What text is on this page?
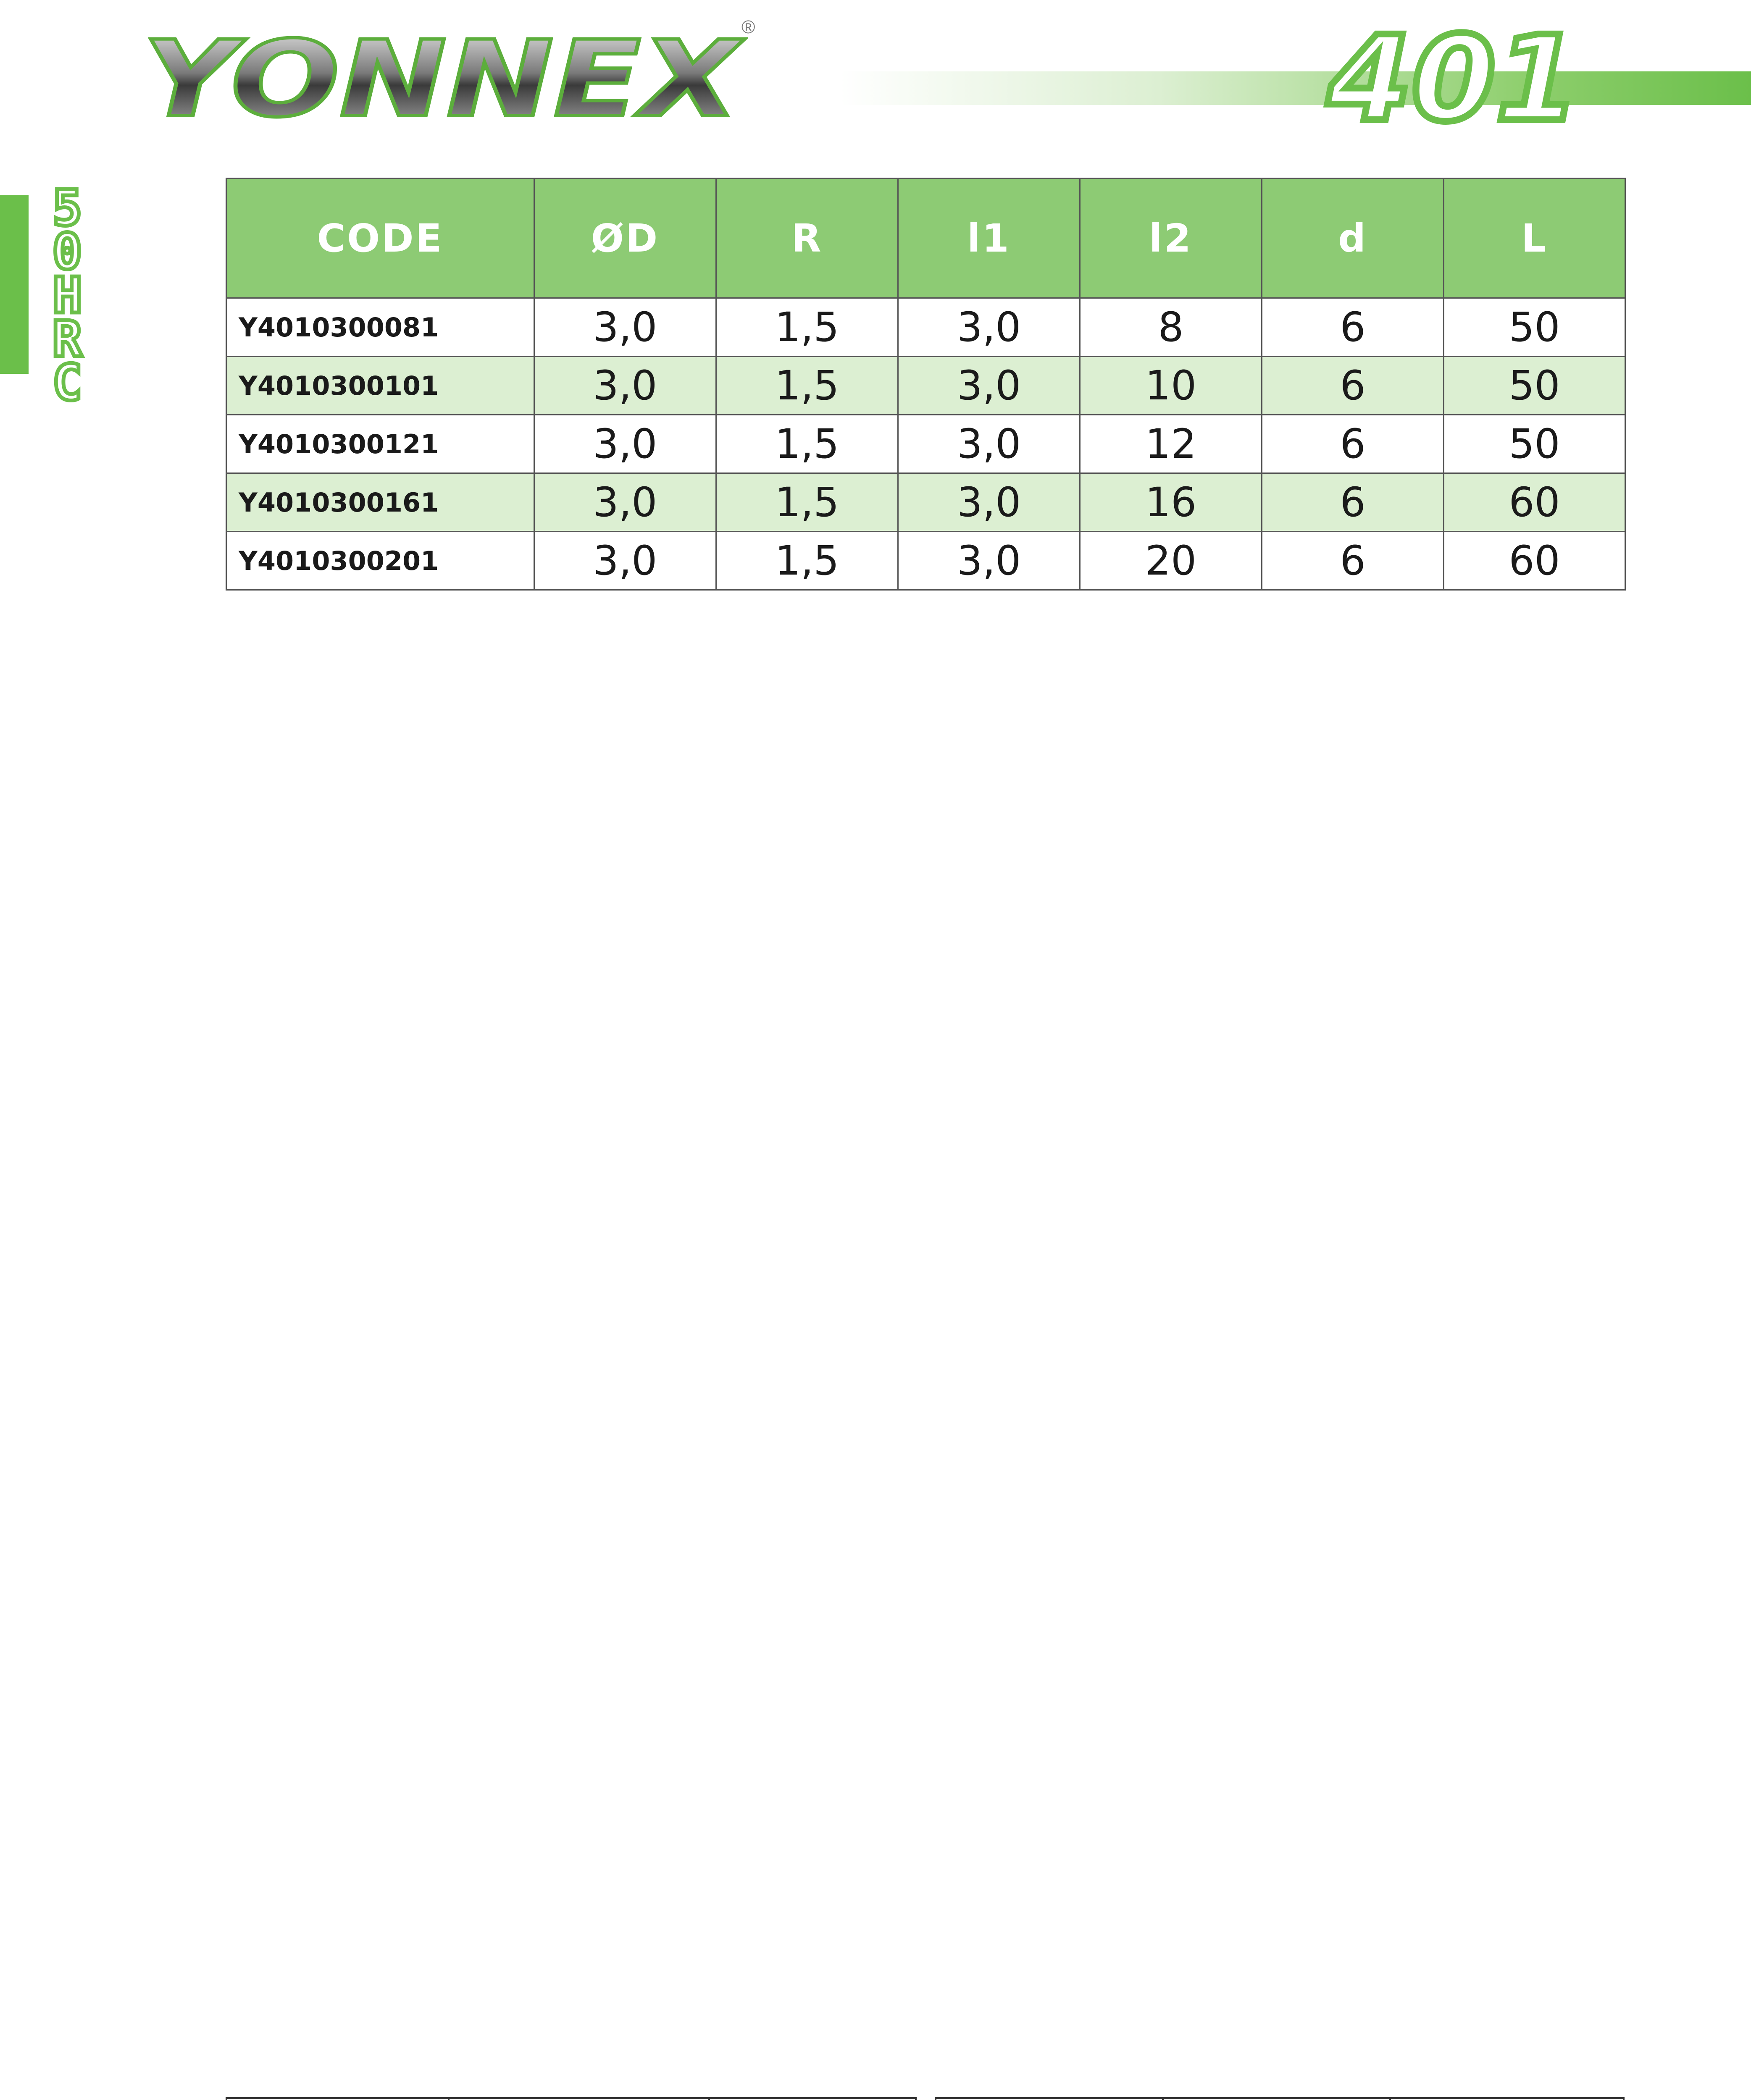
YONNEX
®	401
5 0 H R C
CODE	ØD	R	l1	l2	d	L
Y4010300081	3,0	1,5	3,0	8	6	50
Y4010300101	3,0	1,5	3,0	10	6	50
Y4010300121	3,0	1,5	3,0	12	6	50
Y4010300161	3,0	1,5	3,0	16	6	60
Y4010300201	3,0	1,5	3,0	20	6	60
